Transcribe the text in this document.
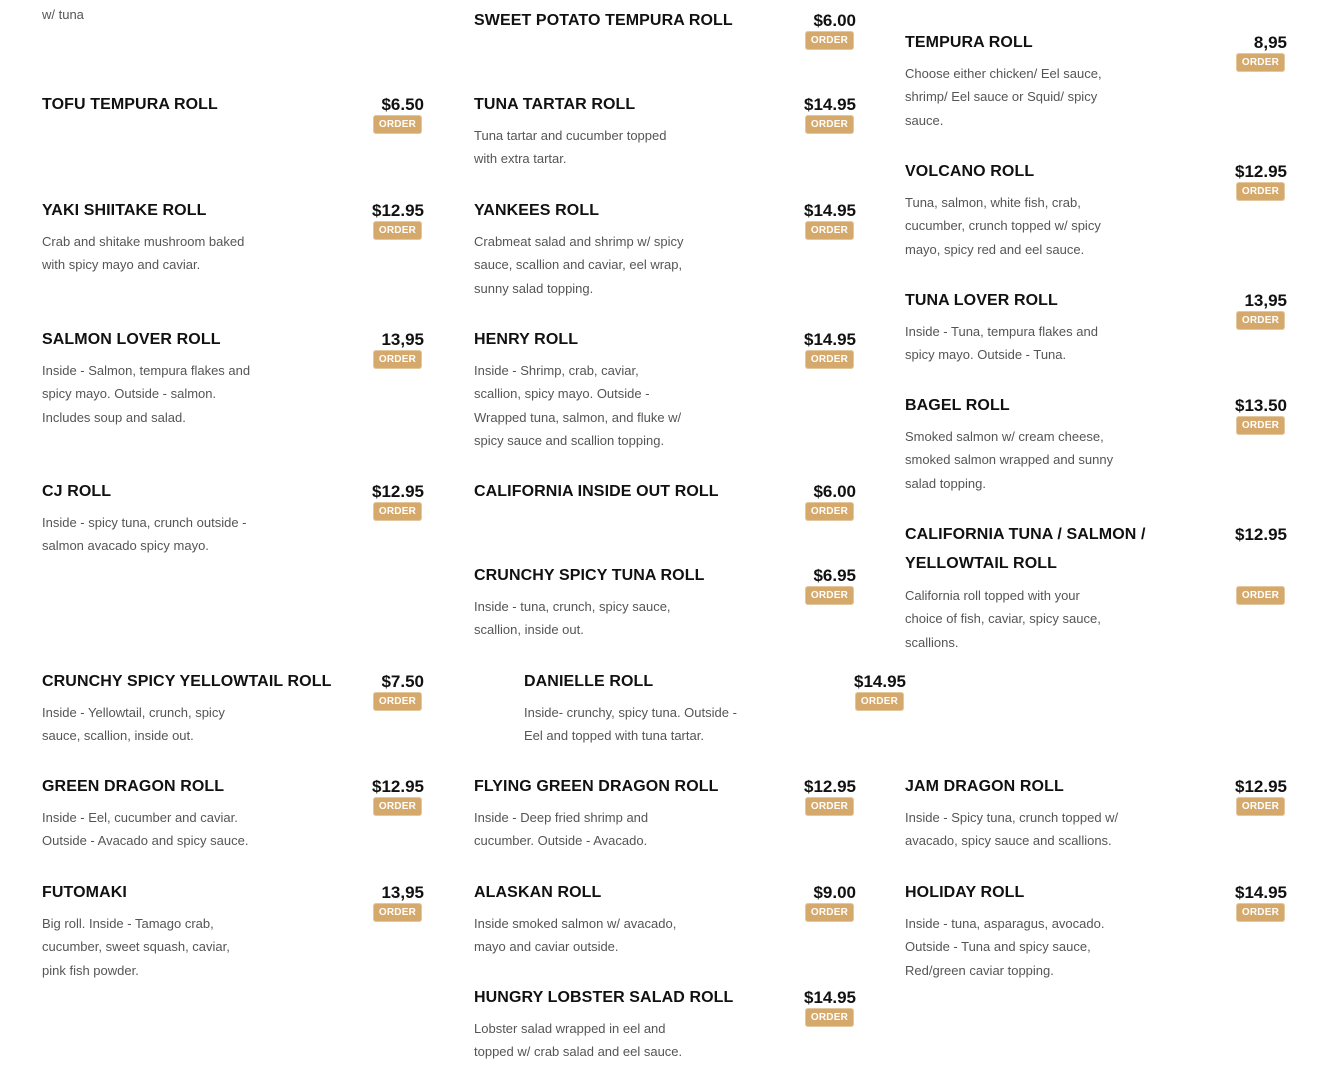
w/ tuna	SWEET POTATO TEMPURA ROLL	$6.00
ORDER	TEMPURA ROLL	8,95
ORDER
Choose either chicken/ Eel sauce, shrimp/ Eel sauce or Squid/ spicy sauce.
TOFU TEMPURA ROLL	$6.50
ORDER
TUNA TARTAR ROLL	$14.95
ORDER
Tuna tartar and cucumber topped with extra tartar.
VOLCANO ROLL	$12.95
ORDER
Tuna, salmon, white fish, crab, cucumber, crunch topped w/ spicy mayo, spicy red and eel sauce.
YAKI SHIITAKE ROLL	$12.95
ORDER
Crab and shitake mushroom baked with spicy mayo and caviar.
YANKEES ROLL	$14.95
ORDER
Crabmeat salad and shrimp w/ spicy sauce, scallion and caviar, eel wrap, sunny salad topping.
TUNA LOVER ROLL	13,95
ORDER
Inside - Tuna, tempura flakes and spicy mayo. Outside - Tuna.
SALMON LOVER ROLL	13,95
ORDER
Inside - Salmon, tempura flakes and spicy mayo. Outside - salmon. Includes soup and salad.
HENRY ROLL	$14.95
ORDER
Inside - Shrimp, crab, caviar, scallion, spicy mayo. Outside - Wrapped tuna, salmon, and fluke w/ spicy sauce and scallion topping.
BAGEL ROLL	$13.50
ORDER
Smoked salmon w/ cream cheese, smoked salmon wrapped and sunny salad topping.
CJ ROLL	$12.95
ORDER
Inside - spicy tuna, crunch outside - salmon avacado spicy mayo.
CALIFORNIA INSIDE OUT ROLL	$6.00
ORDER
CALIFORNIA TUNA / SALMON / YELLOWTAIL ROLL
$12.95
ORDER
California roll topped with your choice of fish, caviar, spicy sauce, scallions.
CRUNCHY SPICY TUNA ROLL	$6.95
ORDER
Inside - tuna, crunch, spicy sauce, scallion, inside out.
CRUNCHY SPICY YELLOWTAIL ROLL	$7.50
ORDER
Inside - Yellowtail, crunch, spicy sauce, scallion, inside out.
DANIELLE ROLL	$14.95
ORDER
Inside- crunchy, spicy tuna. Outside - Eel and topped with tuna tartar.
GREEN DRAGON ROLL	$12.95
ORDER
Inside - Eel, cucumber and caviar. Outside - Avacado and spicy sauce.
FLYING GREEN DRAGON ROLL	$12.95
ORDER
Inside - Deep fried shrimp and cucumber. Outside - Avacado.
JAM DRAGON ROLL	$12.95
ORDER
Inside - Spicy tuna, crunch topped w/ avacado, spicy sauce and scallions.
FUTOMAKI	13,95
ORDER
Big roll. Inside - Tamago crab, cucumber, sweet squash, caviar, pink fish powder.
ALASKAN ROLL	$9.00
ORDER
Inside smoked salmon w/ avacado, mayo and caviar outside.
HOLIDAY ROLL	$14.95
ORDER
Inside - tuna, asparagus, avocado. Outside - Tuna and spicy sauce, Red/green caviar topping.
HUNGRY LOBSTER SALAD ROLL	$14.95
ORDER
Lobster salad wrapped in eel and topped w/ crab salad and eel sauce.
